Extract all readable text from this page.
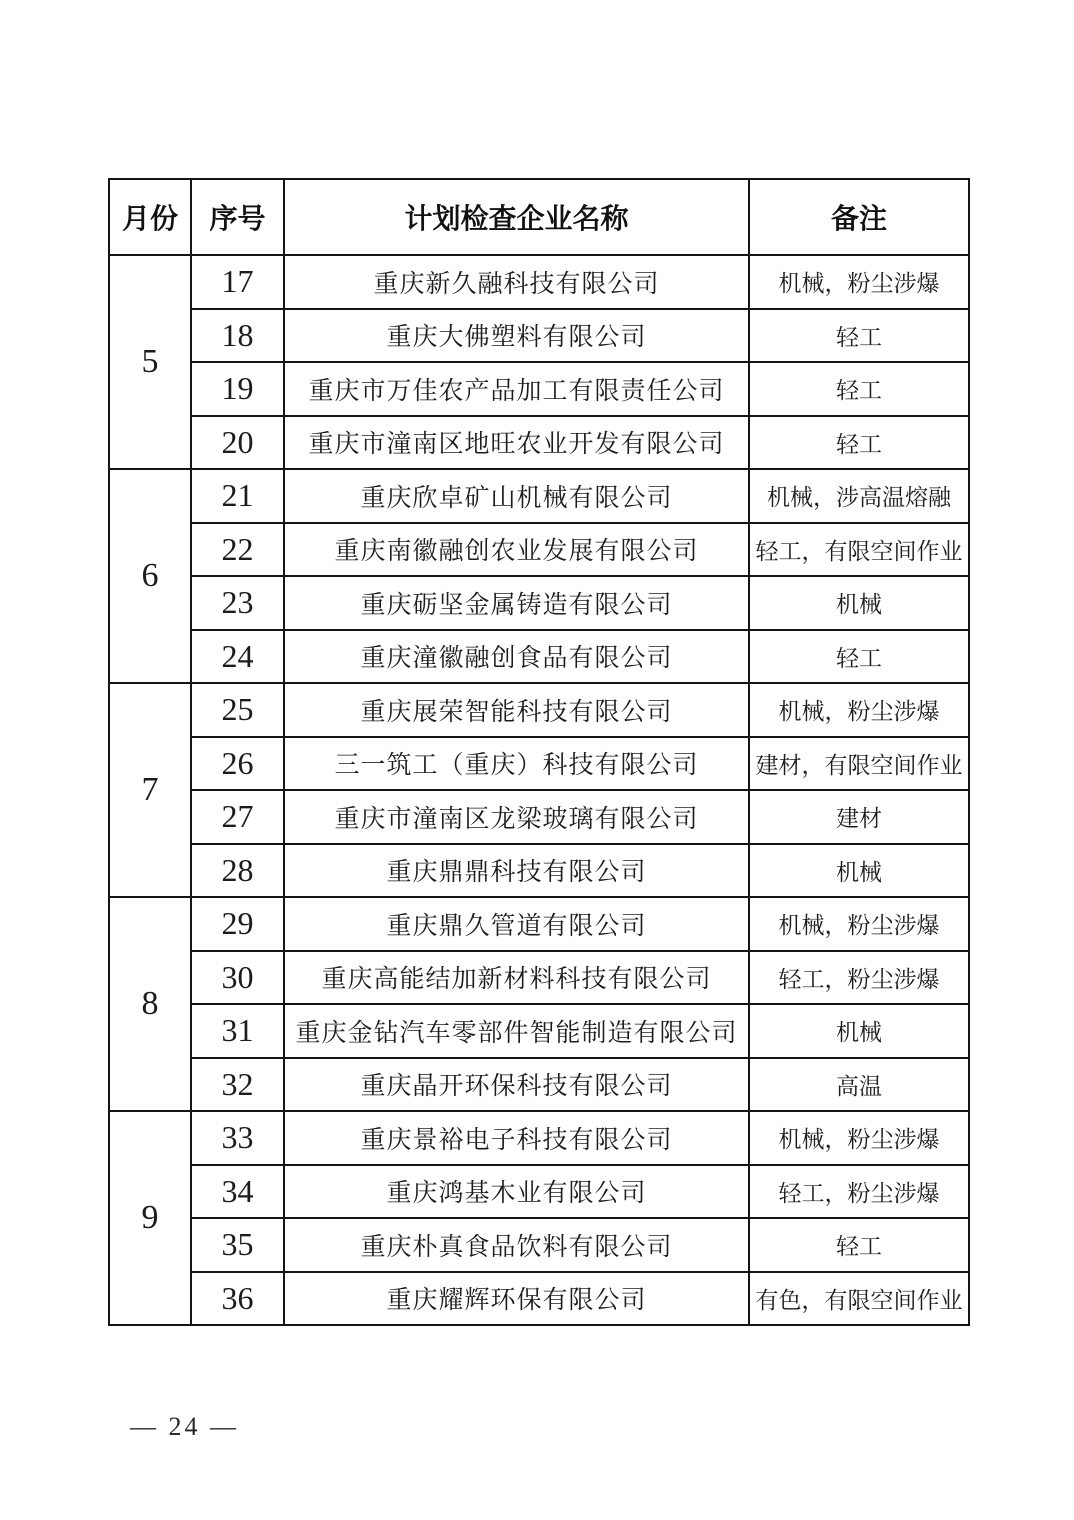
月份	序号	计划检查企业名称	备注
5	17	重庆新久融科技有限公司	机械，粉尘涉爆
	18	重庆大佛塑料有限公司	轻工
	19	重庆市万佳农产品加工有限责任公司	轻工
	20	重庆市潼南区地旺农业开发有限公司	轻工
6	21	重庆欣卓矿山机械有限公司	机械，涉高温熔融
	22	重庆南徽融创农业发展有限公司	轻工，有限空间作业
	23	重庆砺坚金属铸造有限公司	机械
	24	重庆潼徽融创食品有限公司	轻工
7	25	重庆展荣智能科技有限公司	机械，粉尘涉爆
	26	三一筑工（重庆）科技有限公司	建材，有限空间作业
	27	重庆市潼南区龙梁玻璃有限公司	建材
	28	重庆鼎鼎科技有限公司	机械
8	29	重庆鼎久管道有限公司	机械，粉尘涉爆
	30	重庆高能结加新材料科技有限公司	轻工，粉尘涉爆
	31	重庆金钻汽车零部件智能制造有限公司	机械
	32	重庆晶开环保科技有限公司	高温
9	33	重庆景裕电子科技有限公司	机械，粉尘涉爆
	34	重庆鸿基木业有限公司	轻工，粉尘涉爆
	35	重庆朴真食品饮料有限公司	轻工
	36	重庆耀辉环保有限公司	有色，有限空间作业
— 24 —
